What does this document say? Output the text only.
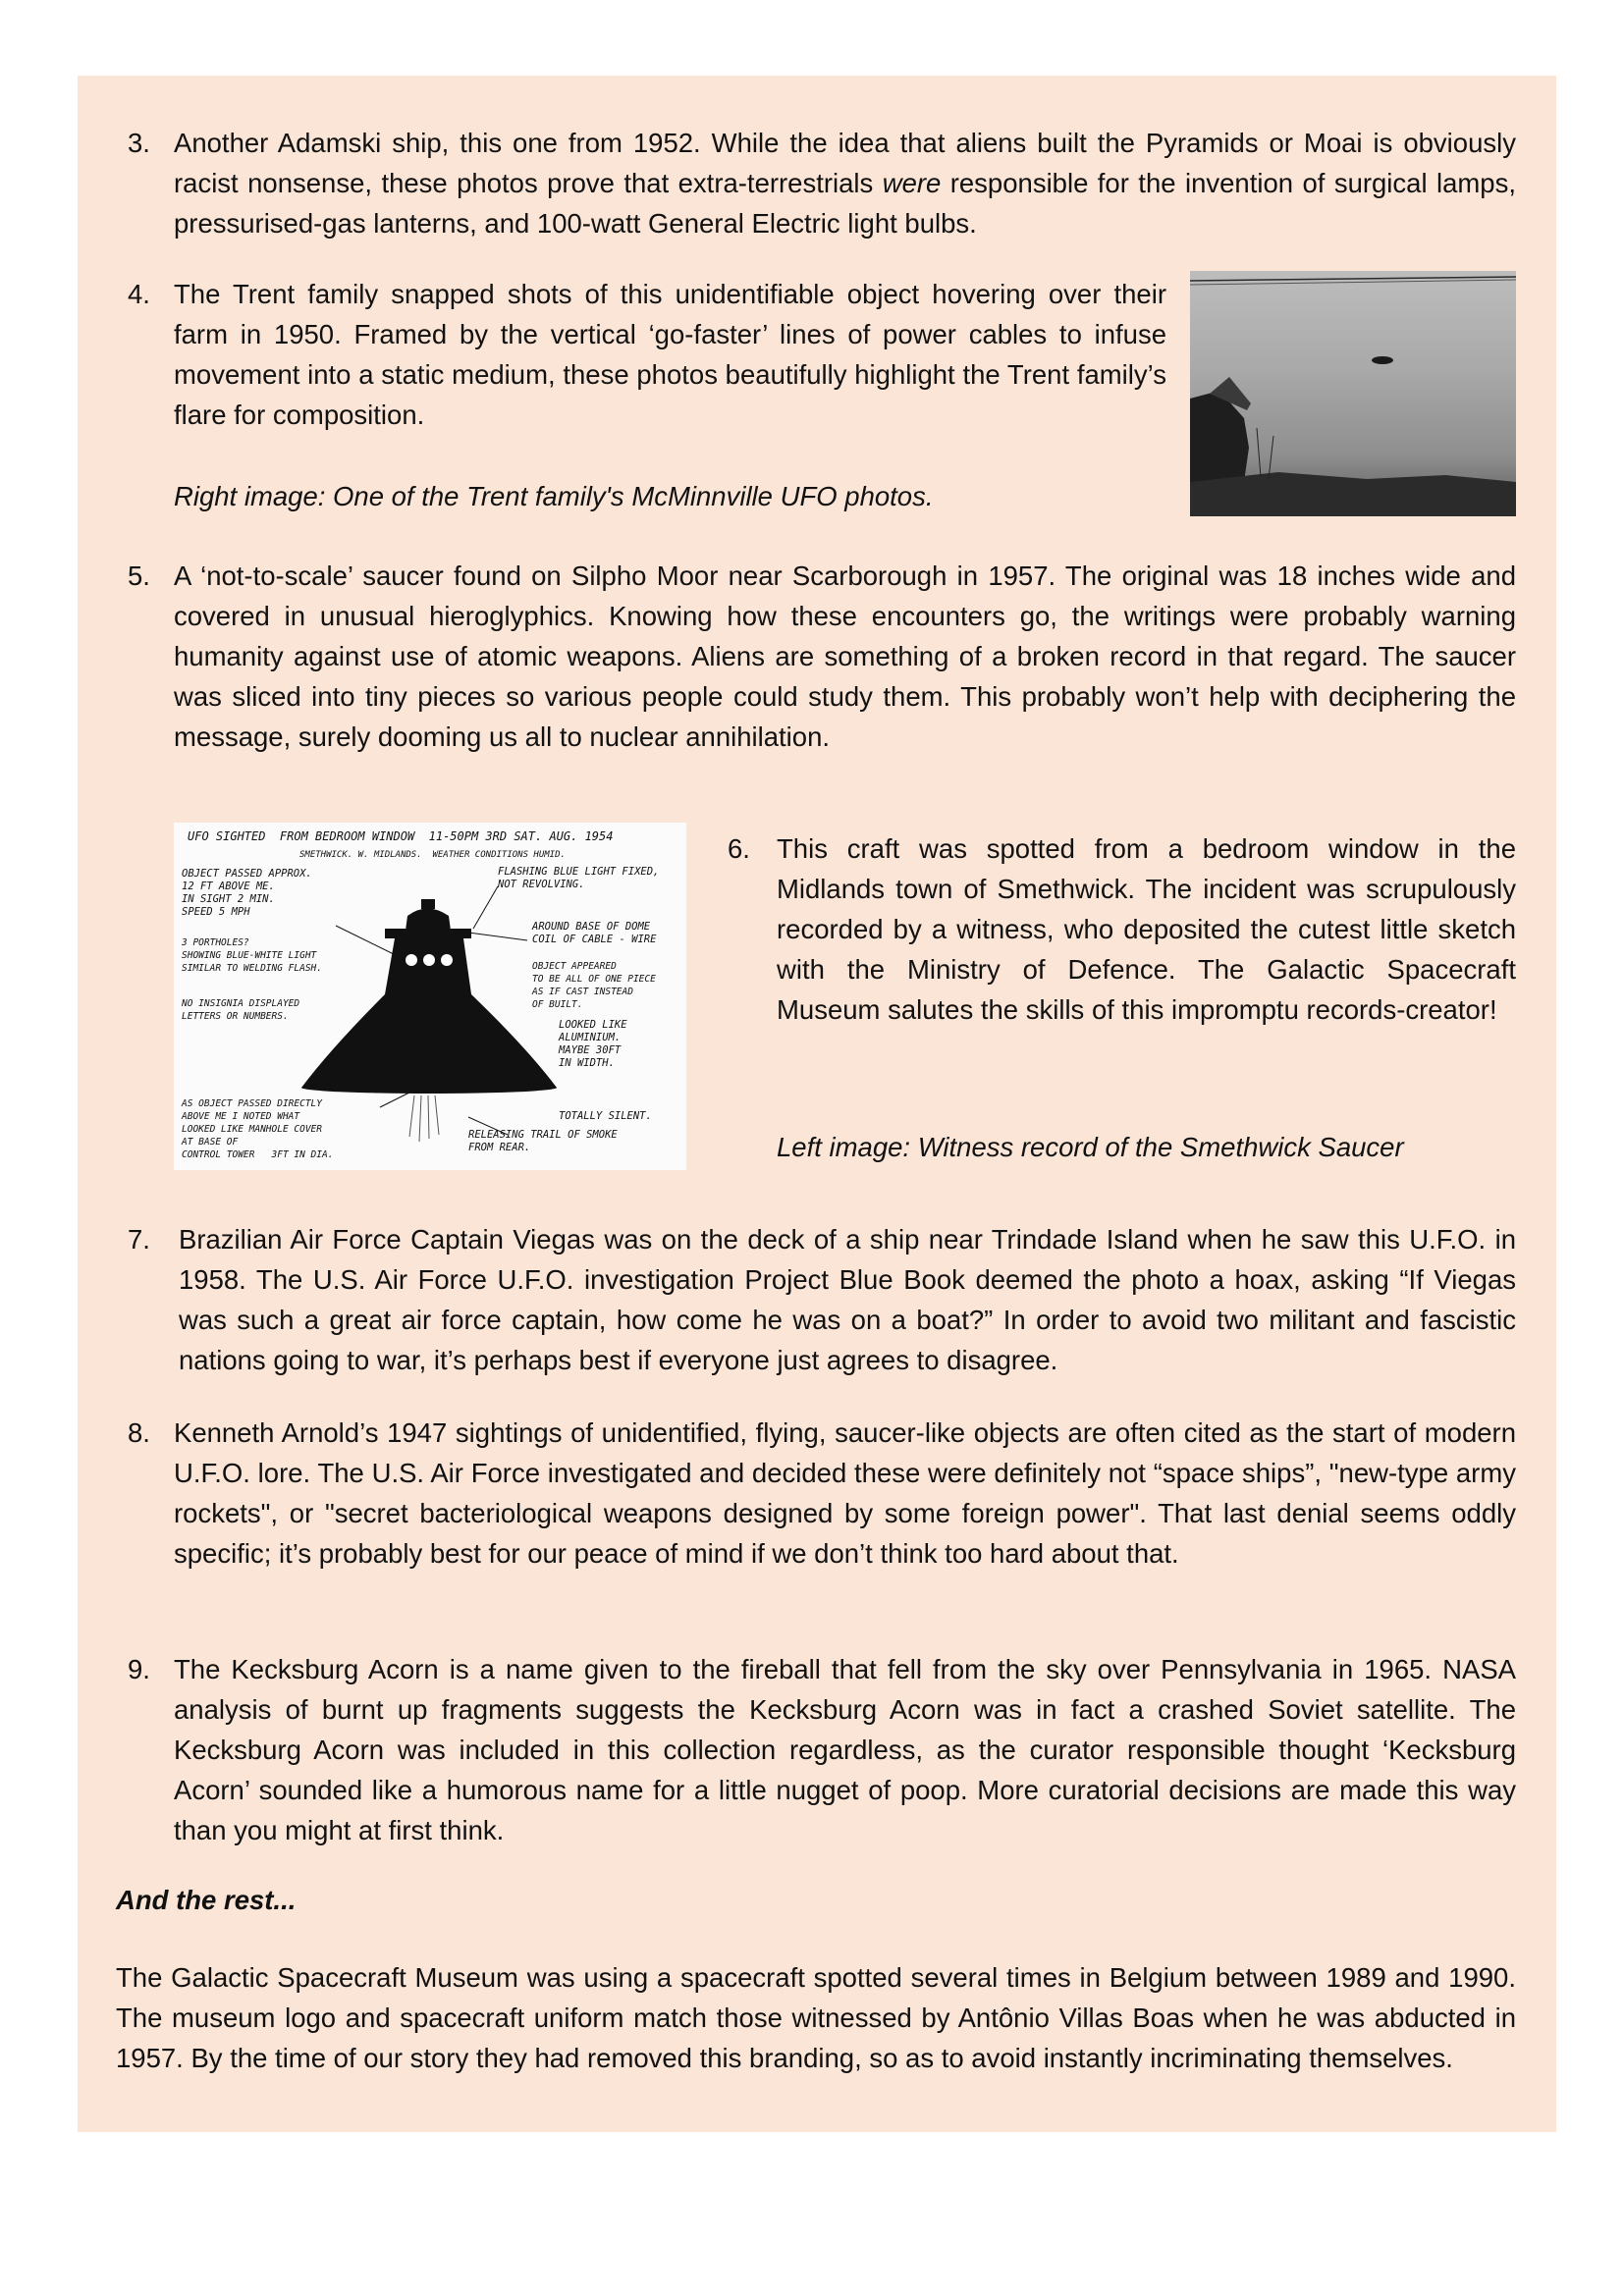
3. Another Adamski ship, this one from 1952. While the idea that aliens built the Pyramids or Moai is obviously racist nonsense, these photos prove that extra-terrestrials were responsible for the invention of surgical lamps, pressurised-gas lanterns, and 100-watt General Electric light bulbs.
4. The Trent family snapped shots of this unidentifiable object hovering over their farm in 1950. Framed by the vertical ‘go-faster’ lines of power cables to infuse movement into a static medium, these photos beautifully highlight the Trent family’s flare for composition.
Right image: One of the Trent family's McMinnville UFO photos.
5. A ‘not-to-scale’ saucer found on Silpho Moor near Scarborough in 1957. The original was 18 inches wide and covered in unusual hieroglyphics. Knowing how these encounters go, the writings were probably warning humanity against use of atomic weapons. Aliens are something of a broken record in that regard. The saucer was sliced into tiny pieces so various people could study them. This probably won’t help with deciphering the message, surely dooming us all to nuclear annihilation.
UFO SIGHTED  FROM BEDROOM WINDOW  11-50PM 3RD SAT. AUG. 1954
SMETHWICK. W. MIDLANDS.  WEATHER CONDITIONS HUMID.
OBJECT PASSED APPROX.
12 FT ABOVE ME.
IN SIGHT 2 MIN.
SPEED 5 MPH
FLASHING BLUE LIGHT FIXED,
NOT REVOLVING.
3 PORTHOLES?
SHOWING BLUE-WHITE LIGHT
SIMILAR TO WELDING FLASH.
AROUND BASE OF DOME
COIL OF CABLE - WIRE
OBJECT APPEARED
TO BE ALL OF ONE PIECE
AS IF CAST INSTEAD
OF BUILT.
NO INSIGNIA DISPLAYED
LETTERS OR NUMBERS.
LOOKED LIKE
ALUMINIUM.
MAYBE 30FT
IN WIDTH.
AS OBJECT PASSED DIRECTLY
ABOVE ME I NOTED WHAT
LOOKED LIKE MANHOLE COVER
AT BASE OF
CONTROL TOWER   3FT IN DIA.
TOTALLY SILENT.
RELEASING TRAIL OF SMOKE
FROM REAR.
6. This craft was spotted from a bedroom window in the Midlands town of Smethwick. The incident was scrupulously recorded by a witness, who deposited the cutest little sketch with the Ministry of Defence. The Galactic Spacecraft Museum salutes the skills of this impromptu records-creator!
Left image: Witness record of the Smethwick Saucer
7. Brazilian Air Force Captain Viegas was on the deck of a ship near Trindade Island when he saw this U.F.O. in 1958. The U.S. Air Force U.F.O. investigation Project Blue Book deemed the photo a hoax, asking “If Viegas was such a great air force captain, how come he was on a boat?” In order to avoid two militant and fascistic nations going to war, it’s perhaps best if everyone just agrees to disagree.
8. Kenneth Arnold’s 1947 sightings of unidentified, flying, saucer-like objects are often cited as the start of modern U.F.O. lore. The U.S. Air Force investigated and decided these were definitely not “space ships”, "new-type army rockets", or "secret bacteriological weapons designed by some foreign power". That last denial seems oddly specific; it’s probably best for our peace of mind if we don’t think too hard about that.
9. The Kecksburg Acorn is a name given to the fireball that fell from the sky over Pennsylvania in 1965. NASA analysis of burnt up fragments suggests the Kecksburg Acorn was in fact a crashed Soviet satellite. The Kecksburg Acorn was included in this collection regardless, as the curator responsible thought ‘Kecksburg Acorn’ sounded like a humorous name for a little nugget of poop. More curatorial decisions are made this way than you might at first think.
And the rest...
The Galactic Spacecraft Museum was using a spacecraft spotted several times in Belgium between 1989 and 1990. The museum logo and spacecraft uniform match those witnessed by Antônio Villas Boas when he was abducted in 1957. By the time of our story they had removed this branding, so as to avoid instantly incriminating themselves.
